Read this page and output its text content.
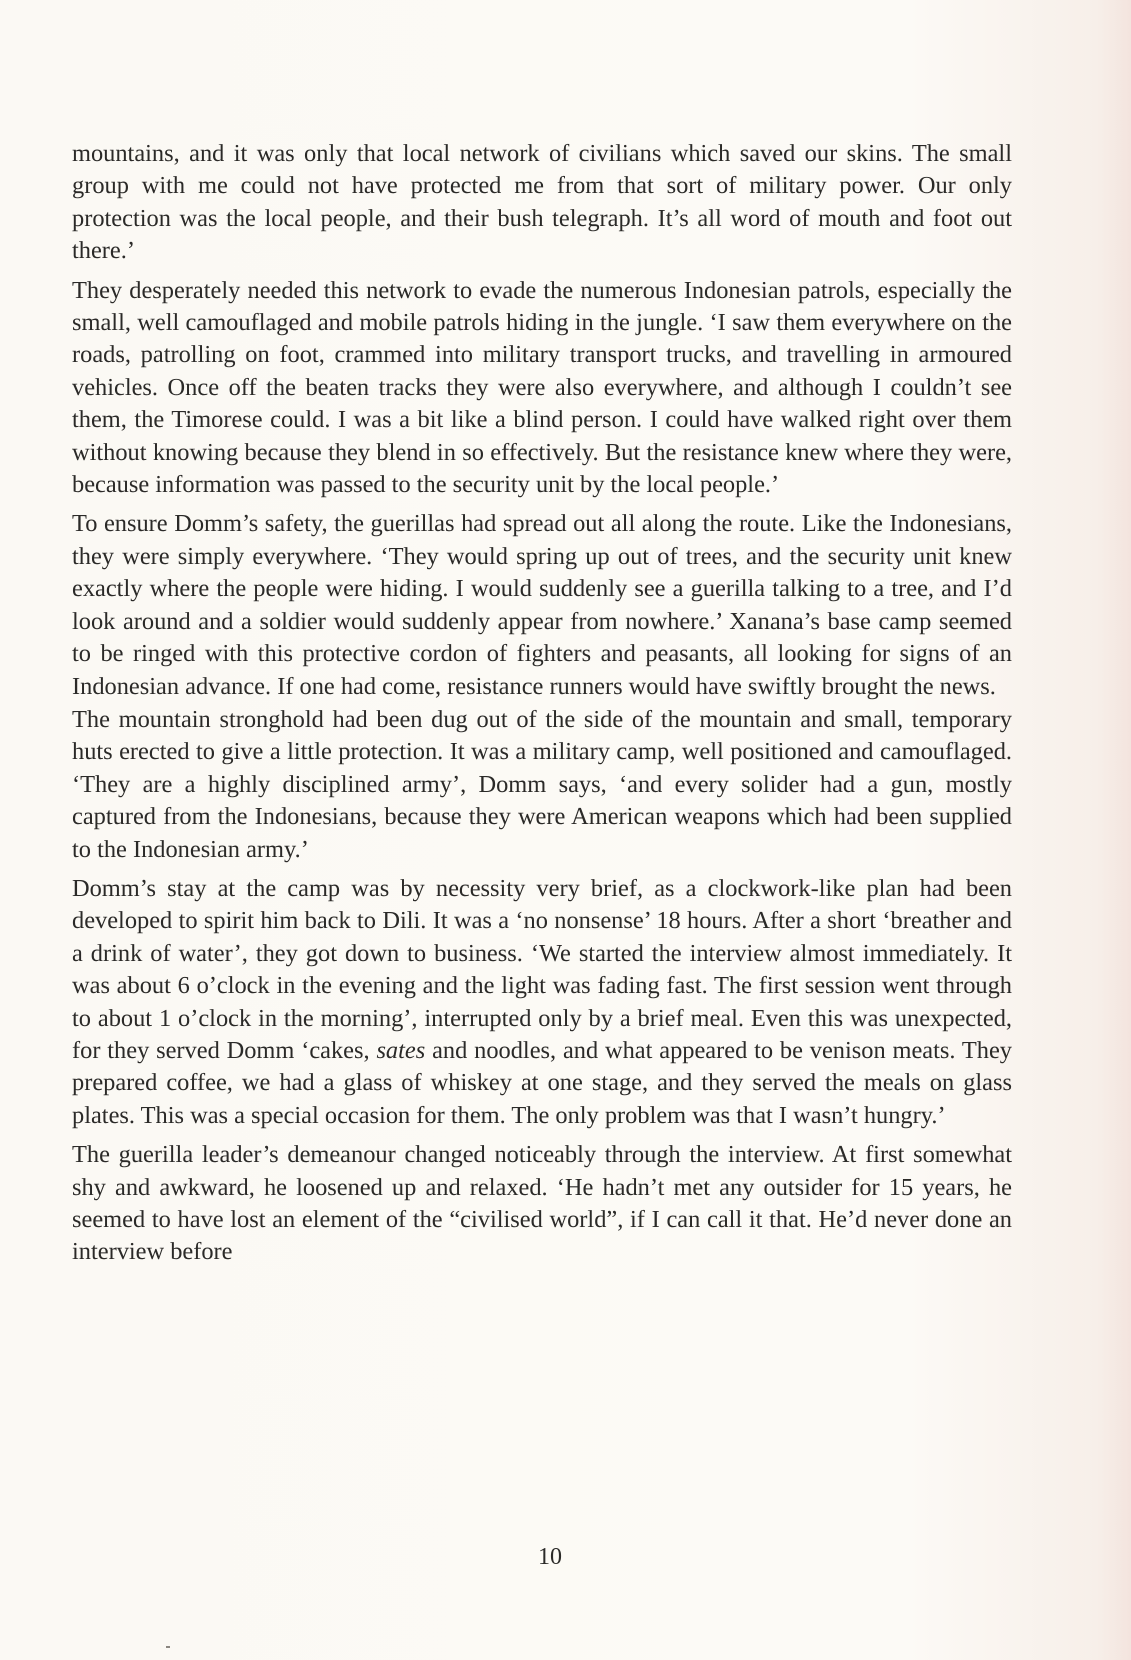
mountains, and it was only that local network of civilians which saved our skins. The small group with me could not have protected me from that sort of military power. Our only protection was the local people, and their bush telegraph. It’s all word of mouth and foot out there.’

They desperately needed this network to evade the numerous Indonesian patrols, especially the small, well camouflaged and mobile patrols hiding in the jungle. ‘I saw them everywhere on the roads, patrolling on foot, crammed into military transport trucks, and travelling in armoured vehicles. Once off the beaten tracks they were also everywhere, and although I couldn’t see them, the Timorese could. I was a bit like a blind person. I could have walked right over them without knowing because they blend in so effectively. But the resistance knew where they were, because information was passed to the security unit by the local people.’

To ensure Domm’s safety, the guerillas had spread out all along the route. Like the Indonesians, they were simply everywhere. ‘They would spring up out of trees, and the security unit knew exactly where the people were hiding. I would suddenly see a guerilla talking to a tree, and I’d look around and a soldier would suddenly appear from nowhere.’ Xanana’s base camp seemed to be ringed with this protective cordon of fighters and peasants, all looking for signs of an Indonesian advance. If one had come, resistance runners would have swiftly brought the news.

The mountain stronghold had been dug out of the side of the mountain and small, temporary huts erected to give a little protection. It was a military camp, well positioned and camouflaged. ‘They are a highly disciplined army’, Domm says, ‘and every solider had a gun, mostly captured from the Indonesians, because they were American weapons which had been supplied to the Indonesian army.’

Domm’s stay at the camp was by necessity very brief, as a clockwork-like plan had been developed to spirit him back to Dili. It was a ‘no nonsense’ 18 hours. After a short ‘breather and a drink of water’, they got down to business. ‘We started the interview almost immediately. It was about 6 o’clock in the evening and the light was fading fast. The first session went through to about 1 o’clock in the morning’, interrupted only by a brief meal. Even this was unexpected, for they served Domm ‘cakes, sates and noodles, and what appeared to be venison meats. They prepared coffee, we had a glass of whiskey at one stage, and they served the meals on glass plates. This was a special occasion for them. The only problem was that I wasn’t hungry.’

The guerilla leader’s demeanour changed noticeably through the interview. At first somewhat shy and awkward, he loosened up and relaxed. ‘He hadn’t met any outsider for 15 years, he seemed to have lost an element of the “civilised world”, if I can call it that. He’d never done an interview before

10
